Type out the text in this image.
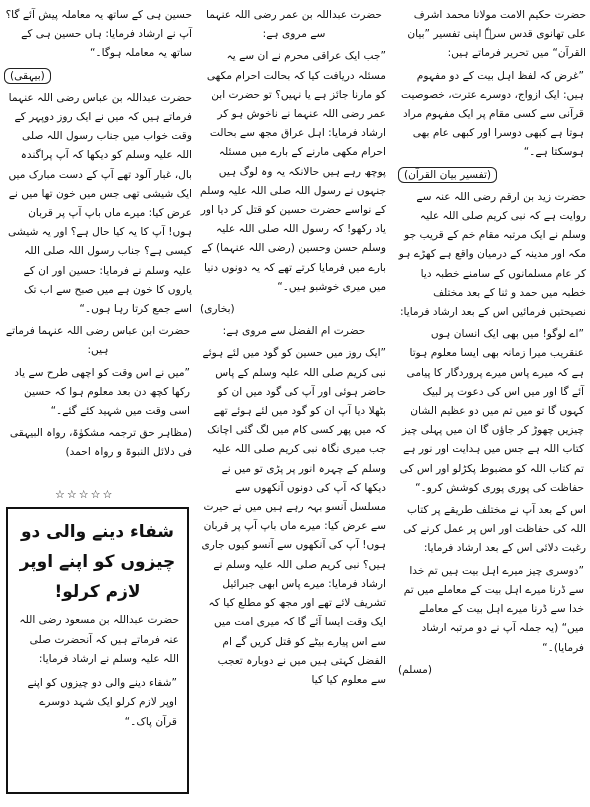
حضرت حکیم الامت مولانا محمد اشرف علی تھانوی قدس سرہٗ اپنی تفسیر ”بیان القرآن“ میں تحریر فرماتے ہیں:

”غرض کہ لفظ اہل بیت کے دو مفہوم ہیں: ایک ازواج، دوسرے عترت، خصوصیت قرآنی سے کسی مقام پر ایک مفہوم مراد ہوتا ہے کبھی دوسرا اور کبھی عام بھی ہوسکتا ہے۔“

(تفسیر بیان القرآن)

حضرت زید بن ارقم رضی اللہ عنہ سے روایت ہے کہ نبی کریم صلی اللہ علیہ وسلم نے ایک مرتبہ مقام خم کے قریب جو مکہ اور مدینہ کے درمیان واقع ہے کھڑے ہو کر عام مسلمانوں کے سامنے خطبہ دیا خطبہ میں حمد و ثنا کے بعد مختلف نصیحتیں فرمائیں اس کے بعد ارشاد فرمایا:

”اے لوگو! میں بھی ایک انسان ہوں عنقریب میرا زمانہ بھی ایسا معلوم ہوتا ہے کہ میرے پاس میرے پروردگار کا پیامی آئے گا اور میں اس کی دعوت پر لبیک کہوں گا تو میں تم میں دو عظیم الشان چیزیں چھوڑ کر جاؤں گا ان میں پہلی چیز کتاب اللہ ہے جس میں ہدایت اور نور ہے تم کتاب اللہ کو مضبوط پکڑلو اور اس کی حفاظت کی پوری پوری کوشش کرو۔“

اس کے بعد آپ نے مختلف طریقے پر کتاب اللہ کی حفاظت اور اس پر عمل کرنے کی رغبت دلائی اس کے بعد ارشاد فرمایا:

”دوسری چیز میرے اہل بیت ہیں تم خدا سے ڈرنا میرے اہل بیت کے معاملے میں تم خدا سے ڈرنا میرے اہل بیت کے معاملے میں“ (یہ جملہ آپ نے دو مرتبہ ارشاد فرمایا)۔“

(مسلم)

حضرت عبداللہ بن عمر رضی اللہ عنہما سے مروی ہے:

”جب ایک عراقی محرم نے ان سے یہ مسئلہ دریافت کیا کہ بحالت احرام مکھی کو مارنا جائز ہے یا نہیں؟ تو حضرت ابن عمر رضی اللہ عنہما نے ناخوش ہو کر ارشاد فرمایا: اہل عراق مجھ سے بحالت احرام مکھی مارنے کے بارے میں مسئلہ پوچھ رہے ہیں حالانکہ یہ وہ لوگ ہیں جنہوں نے رسول اللہ صلی اللہ علیہ وسلم کے نواسے حضرت حسین کو قتل کر دیا اور یاد رکھو! کہ رسول اللہ صلی اللہ علیہ وسلم حسن وحسین (رضی اللہ عنہما) کے بارے میں فرمایا کرتے تھے کہ یہ دونوں دنیا میں میری خوشبو ہیں۔“

(بخاری)

حضرت ام الفضل سے مروی ہے:

”ایک روز میں حسین کو گود میں لئے ہوئے نبی کریم صلی اللہ علیہ وسلم کے پاس حاضر ہوئی اور آپ کی گود میں ان کو بٹھلا دیا آپ ان کو گود میں لئے ہوئے تھے کہ میں پھر کسی کام میں لگ گئی اچانک جب میری نگاہ نبی کریم صلی اللہ علیہ وسلم کے چہرہ انور پر پڑی تو میں نے دیکھا کہ آپ کی دونوں آنکھوں سے مسلسل آنسو بہہ رہے ہیں میں نے حیرت سے عرض کیا: میرے ماں باپ آپ پر قربان ہوں! آپ کی آنکھوں سے آنسو کیوں جاری ہیں؟ نبی کریم صلی اللہ علیہ وسلم نے ارشاد فرمایا: میرے پاس ابھی جبرائیل تشریف لائے تھے اور مجھ کو مطلع کیا کہ ایک وقت ایسا آئے گا کہ میری امت میں سے اس پیارے بیٹے کو قتل کریں گے ام الفضل کہتی ہیں میں نے دوبارہ تعجب سے معلوم کیا کیا

حسین ہی کے ساتھ یہ معاملہ پیش آئے گا؟ آپ نے ارشاد فرمایا: ہاں حسین ہی کے ساتھ یہ معاملہ ہوگا۔“

(بیہقی)

حضرت عبداللہ بن عباس رضی اللہ عنہما فرماتے ہیں کہ میں نے ایک روز دوپہر کے وقت خواب میں جناب رسول اللہ صلی اللہ علیہ وسلم کو دیکھا کہ آپ پراگندہ بال، غبار آلود تھے آپ کے دست مبارک میں ایک شیشی تھی جس میں خون تھا میں نے عرض کیا: میرے ماں باپ آپ پر قربان ہوں! آپ کا یہ کیا حال ہے؟ اور یہ شیشی کیسی ہے؟ جناب رسول اللہ صلی اللہ علیہ وسلم نے فرمایا: حسین اور ان کے یاروں کا خون ہے میں صبح سے اب تک اسے جمع کرتا رہا ہوں۔“

حضرت ابن عباس رضی اللہ عنہما فرماتے ہیں:

”میں نے اس وقت کو اچھی طرح سے یاد رکھا کچھ دن بعد معلوم ہوا کہ حسین اسی وقت میں شہید کئے گئے۔“

(مظاہر حق ترجمہ مشکوٰۃ، رواہ البیہقی فی دلائل النبوۃ و رواہ احمد)

☆☆☆☆☆
شفاء دینے والی دو چیزوں کو اپنے اوپر لازم کرلو!

حضرت عبداللہ بن مسعود رضی اللہ عنہ فرماتے ہیں کہ آنحضرت صلی اللہ علیہ وسلم نے ارشاد فرمایا:

”شفاء دینے والی دو چیزوں کو اپنے اوپر لازم کرلو ایک شہد دوسرے قرآن پاک۔“
